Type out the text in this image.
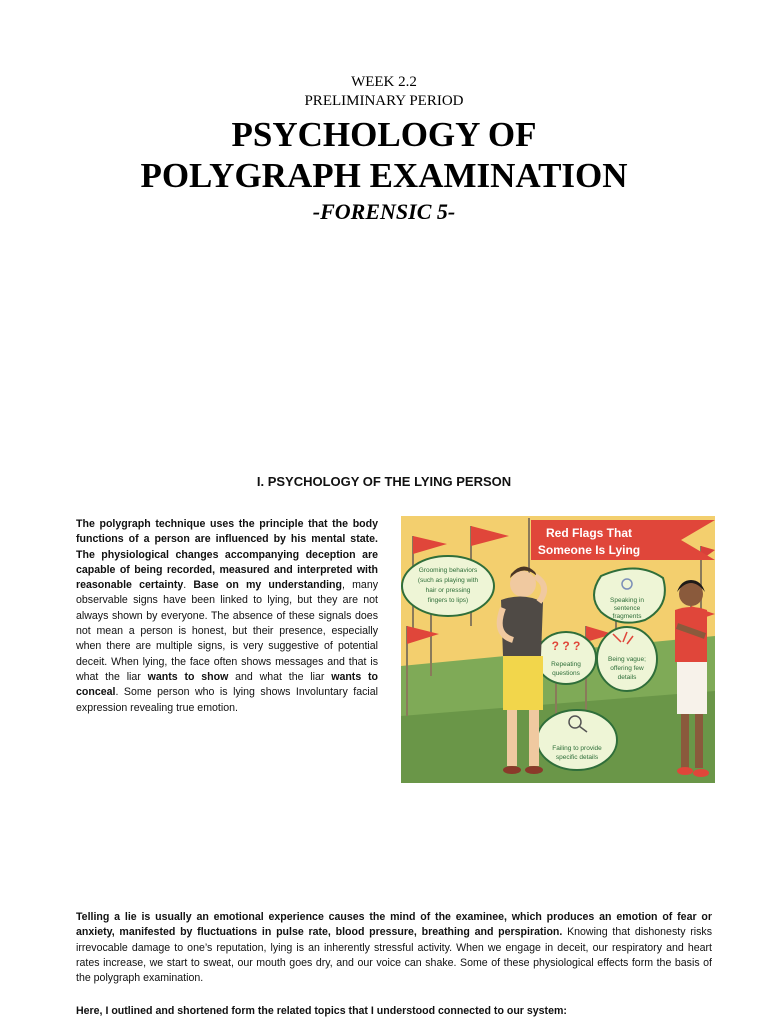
WEEK 2.2
PRELIMINARY PERIOD
PSYCHOLOGY OF
POLYGRAPH EXAMINATION
-FORENSIC 5-
I. PSYCHOLOGY OF THE LYING PERSON
The polygraph technique uses the principle that the body functions of a person are influenced by his mental state. The physiological changes accompanying deception are capable of being recorded, measured and interpreted with reasonable certainty. Base on my understanding, many observable signs have been linked to lying, but they are not always shown by everyone. The absence of these signals does not mean a person is honest, but their presence, especially when there are multiple signs, is very suggestive of potential deceit. When lying, the face often shows messages and that is what the liar wants to show and what the liar wants to conceal. Some person who is lying shows Involuntary facial expression revealing true emotion.
Red Flags That
Someone Is Lying
Grooming behaviors
(such as playing with
hair or pressing
fingers to lips)	Speaking in
sentence
fragments
? ? ?
Repeating
questions
Being vague;
offering few
details
Failing to provide
specific details
Telling a lie is usually an emotional experience causes the mind of the examinee, which produces an emotion of fear or anxiety, manifested by fluctuations in pulse rate, blood pressure, breathing and perspiration. Knowing that dishonesty risks irrevocable damage to one’s reputation, lying is an inherently stressful activity. When we engage in deceit, our respiratory and heart rates increase, we start to sweat, our mouth goes dry, and our voice can shake. Some of these physiological effects form the basis of the polygraph examination.
Here, I outlined and shortened form the related topics that I understood connected to our system:
